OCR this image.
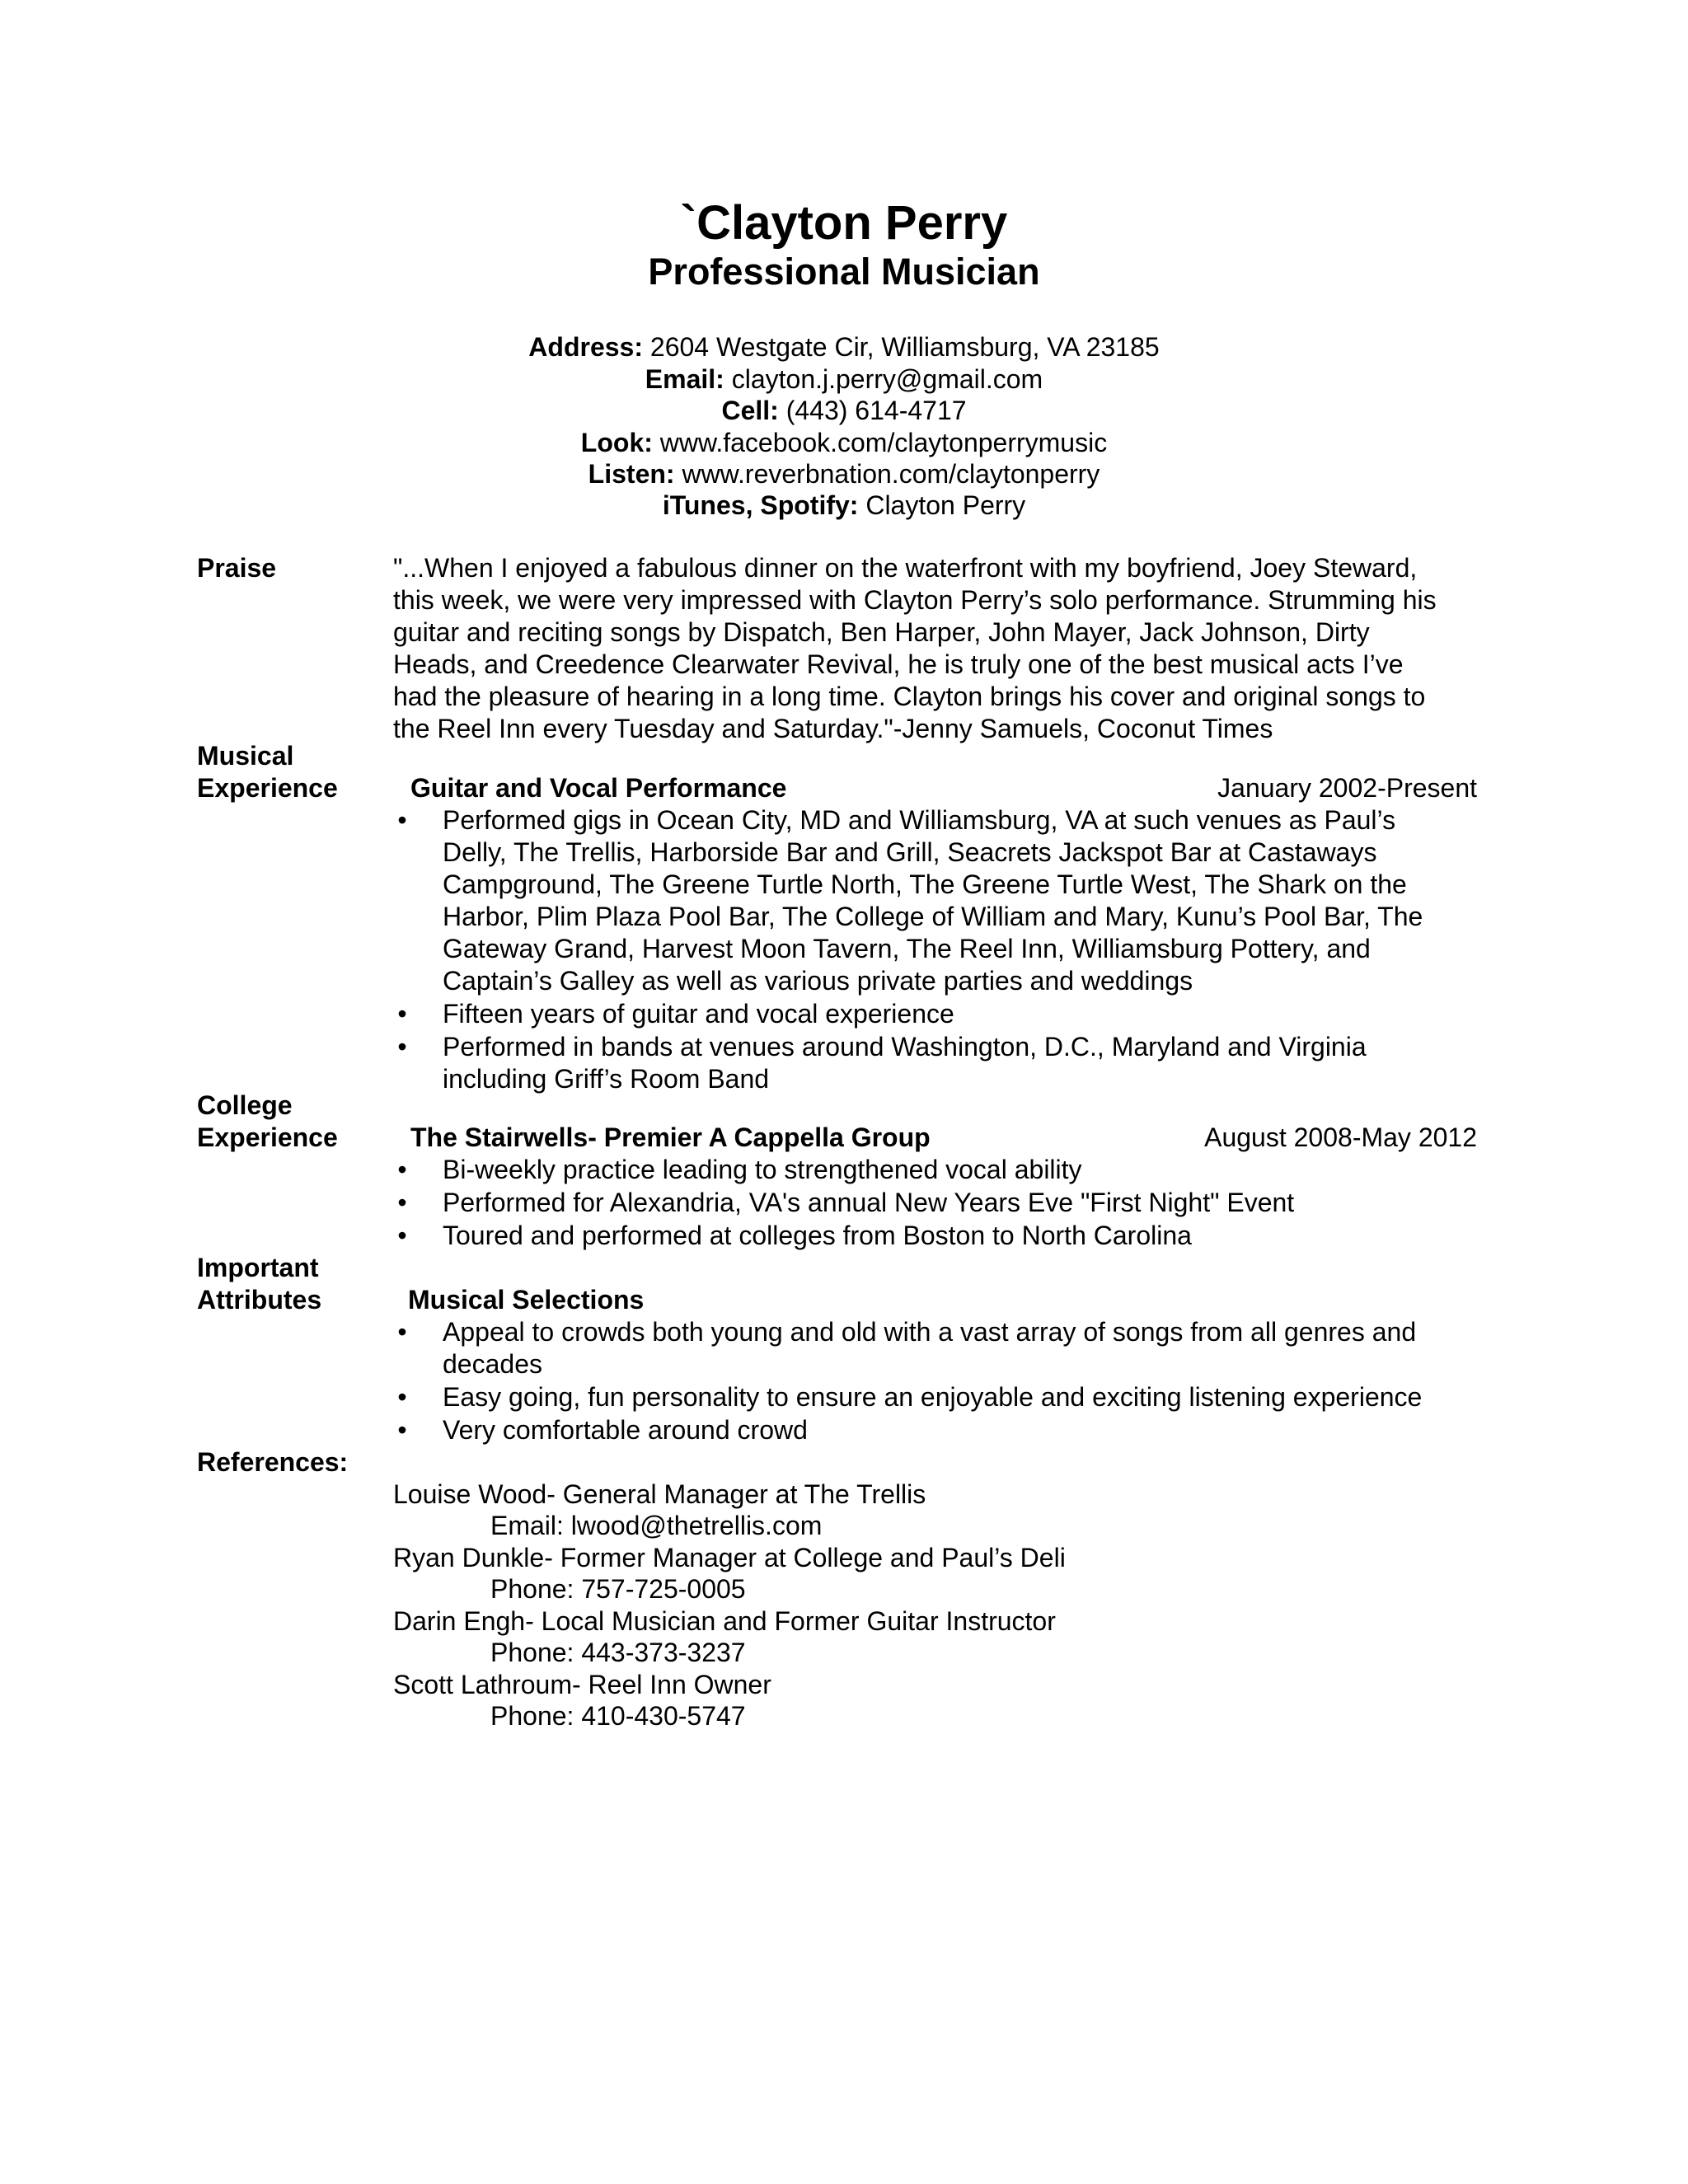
`Clayton Perry
Professional Musician
Address: 2604 Westgate Cir, Williamsburg, VA 23185
Email: clayton.j.perry@gmail.com
Cell: (443) 614-4717
Look: www.facebook.com/claytonperrymusic
Listen: www.reverbnation.com/claytonperry
iTunes, Spotify: Clayton Perry
Praise	"...When I enjoyed a fabulous dinner on the waterfront with my boyfriend, Joey Steward,
this week, we were very impressed with Clayton Perry’s solo performance. Strumming his
guitar and reciting songs by Dispatch, Ben Harper, John Mayer, Jack Johnson, Dirty
Heads, and Creedence Clearwater Revival, he is truly one of the best musical acts I’ve
had the pleasure of hearing in a long time. Clayton brings his cover and original songs to
the Reel Inn every Tuesday and Saturday."-Jenny Samuels, Coconut Times
Musical
Experience	Guitar and Vocal Performance	January 2002-Present
• Performed gigs in Ocean City, MD and Williamsburg, VA at such venues as Paul’s
Delly, The Trellis, Harborside Bar and Grill, Seacrets Jackspot Bar at Castaways
Campground, The Greene Turtle North, The Greene Turtle West, The Shark on the
Harbor, Plim Plaza Pool Bar, The College of William and Mary, Kunu’s Pool Bar, The
Gateway Grand, Harvest Moon Tavern, The Reel Inn, Williamsburg Pottery, and
Captain’s Galley as well as various private parties and weddings
• Fifteen years of guitar and vocal experience
• Performed in bands at venues around Washington, D.C., Maryland and Virginia
including Griff’s Room Band
College
Experience	The Stairwells- Premier A Cappella Group	August 2008-May 2012
• Bi-weekly practice leading to strengthened vocal ability
• Performed for Alexandria, VA's annual New Years Eve "First Night" Event
• Toured and performed at colleges from Boston to North Carolina
Important
Attributes	Musical Selections
• Appeal to crowds both young and old with a vast array of songs from all genres and
decades
• Easy going, fun personality to ensure an enjoyable and exciting listening experience
• Very comfortable around crowd
References:
Louise Wood- General Manager at The Trellis
Email: lwood@thetrellis.com
Ryan Dunkle- Former Manager at College and Paul’s Deli
Phone: 757-725-0005
Darin Engh- Local Musician and Former Guitar Instructor
Phone: 443-373-3237
Scott Lathroum- Reel Inn Owner
Phone: 410-430-5747
